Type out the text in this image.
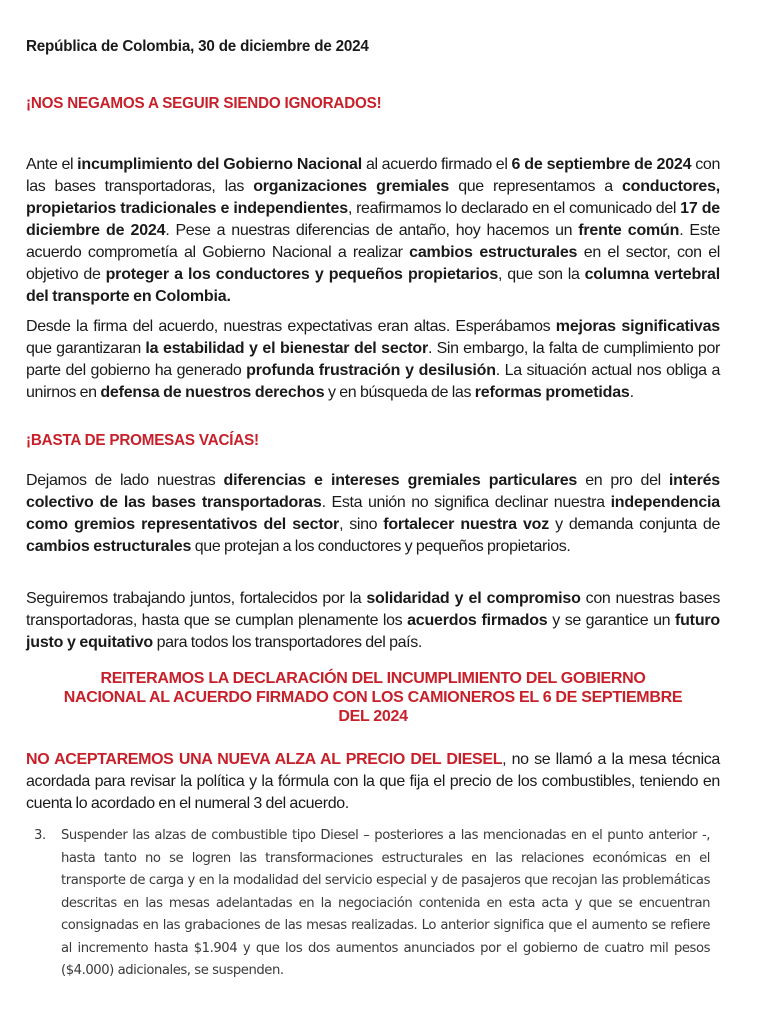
República de Colombia, 30 de diciembre de 2024
¡NOS NEGAMOS A SEGUIR SIENDO IGNORADOS!
Ante el incumplimiento del Gobierno Nacional al acuerdo firmado el 6 de septiembre de 2024 con las bases transportadoras, las organizaciones gremiales que representamos a conductores, propietarios tradicionales e independientes, reafirmamos lo declarado en el comunicado del 17 de diciembre de 2024. Pese a nuestras diferencias de antaño, hoy hacemos un frente común. Este acuerdo comprometía al Gobierno Nacional a realizar cambios estructurales en el sector, con el objetivo de proteger a los conductores y pequeños propietarios, que son la columna vertebral del transporte en Colombia.
Desde la firma del acuerdo, nuestras expectativas eran altas. Esperábamos mejoras significativas que garantizaran la estabilidad y el bienestar del sector. Sin embargo, la falta de cumplimiento por parte del gobierno ha generado profunda frustración y desilusión. La situación actual nos obliga a unirnos en defensa de nuestros derechos y en búsqueda de las reformas prometidas.
¡BASTA DE PROMESAS VACÍAS!
Dejamos de lado nuestras diferencias e intereses gremiales particulares en pro del interés colectivo de las bases transportadoras. Esta unión no significa declinar nuestra independencia como gremios representativos del sector, sino fortalecer nuestra voz y demanda conjunta de cambios estructurales que protejan a los conductores y pequeños propietarios.
Seguiremos trabajando juntos, fortalecidos por la solidaridad y el compromiso con nuestras bases transportadoras, hasta que se cumplan plenamente los acuerdos firmados y se garantice un futuro justo y equitativo para todos los transportadores del país.
REITERAMOS LA DECLARACIÓN DEL INCUMPLIMIENTO DEL GOBIERNO
NACIONAL AL ACUERDO FIRMADO CON LOS CAMIONEROS EL 6 DE SEPTIEMBRE
DEL 2024
NO ACEPTAREMOS UNA NUEVA ALZA AL PRECIO DEL DIESEL, no se llamó a la mesa técnica acordada para revisar la política y la fórmula con la que fija el precio de los combustibles, teniendo en cuenta lo acordado en el numeral 3 del acuerdo.
3. Suspender las alzas de combustible tipo Diesel – posteriores a las mencionadas en el punto anterior -, hasta tanto no se logren las transformaciones estructurales en las relaciones económicas en el transporte de carga y en la modalidad del servicio especial y de pasajeros que recojan las problemáticas descritas en las mesas adelantadas en la negociación contenida en esta acta y que se encuentran consignadas en las grabaciones de las mesas realizadas. Lo anterior significa que el aumento se refiere al incremento hasta $1.904 y que los dos aumentos anunciados por el gobierno de cuatro mil pesos ($4.000) adicionales, se suspenden.
